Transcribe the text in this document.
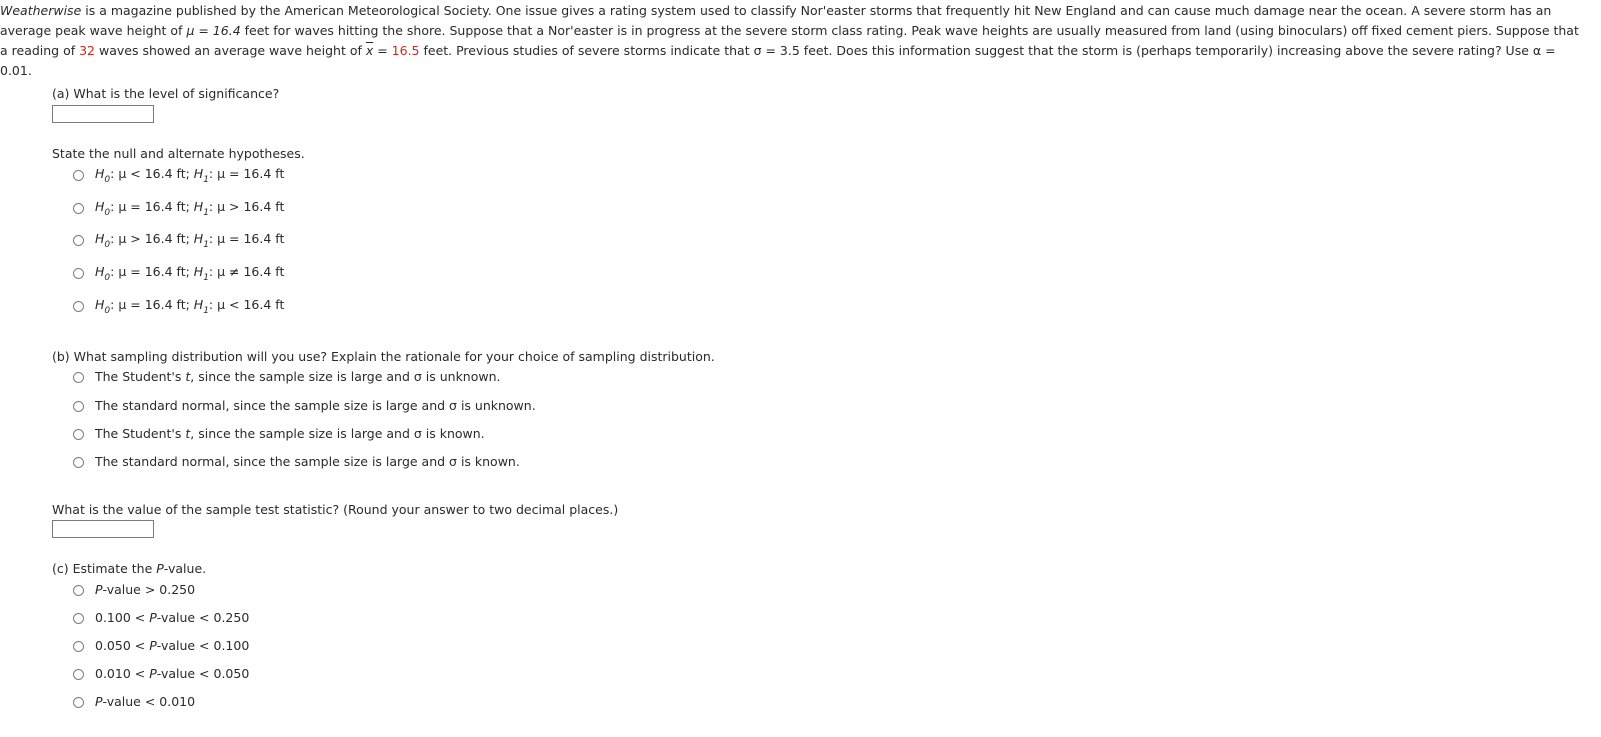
Weatherwise is a magazine published by the American Meteorological Society. One issue gives a rating system used to classify Nor'easter storms that frequently hit New England and can cause much damage near the ocean. A severe storm has an average peak wave height of μ = 16.4 feet for waves hitting the shore. Suppose that a Nor'easter is in progress at the severe storm class rating. Peak wave heights are usually measured from land (using binoculars) off fixed cement piers. Suppose that a reading of 32 waves showed an average wave height of $\overline{x} = 16.5$ feet. Previous studies of severe storms indicate that σ = 3.5 feet. Does this information suggest that the storm is (perhaps temporarily) increasing above the severe rating? Use α = 0.01.

(a) What is the level of significance?
State the null and alternate hypotheses.
$H_0$: μ < 16.4 ft; $H_1$: μ = 16.4 ft
$H_0$: μ = 16.4 ft; $H_1$: μ > 16.4 ft
$H_0$: μ > 16.4 ft; $H_1$: μ = 16.4 ft
$H_0$: μ = 16.4 ft; $H_1$: μ ≠ 16.4 ft
$H_0$: μ = 16.4 ft; $H_1$: μ < 16.4 ft
(b) What sampling distribution will you use? Explain the rationale for your choice of sampling distribution.
The Student's t, since the sample size is large and σ is unknown.
The standard normal, since the sample size is large and σ is unknown.
The Student's t, since the sample size is large and σ is known.
The standard normal, since the sample size is large and σ is known.
What is the value of the sample test statistic? (Round your answer to two decimal places.)
(c) Estimate the P-value.
P-value > 0.250
0.100 < P-value < 0.250
0.050 < P-value < 0.100
0.010 < P-value < 0.050
P-value < 0.010
